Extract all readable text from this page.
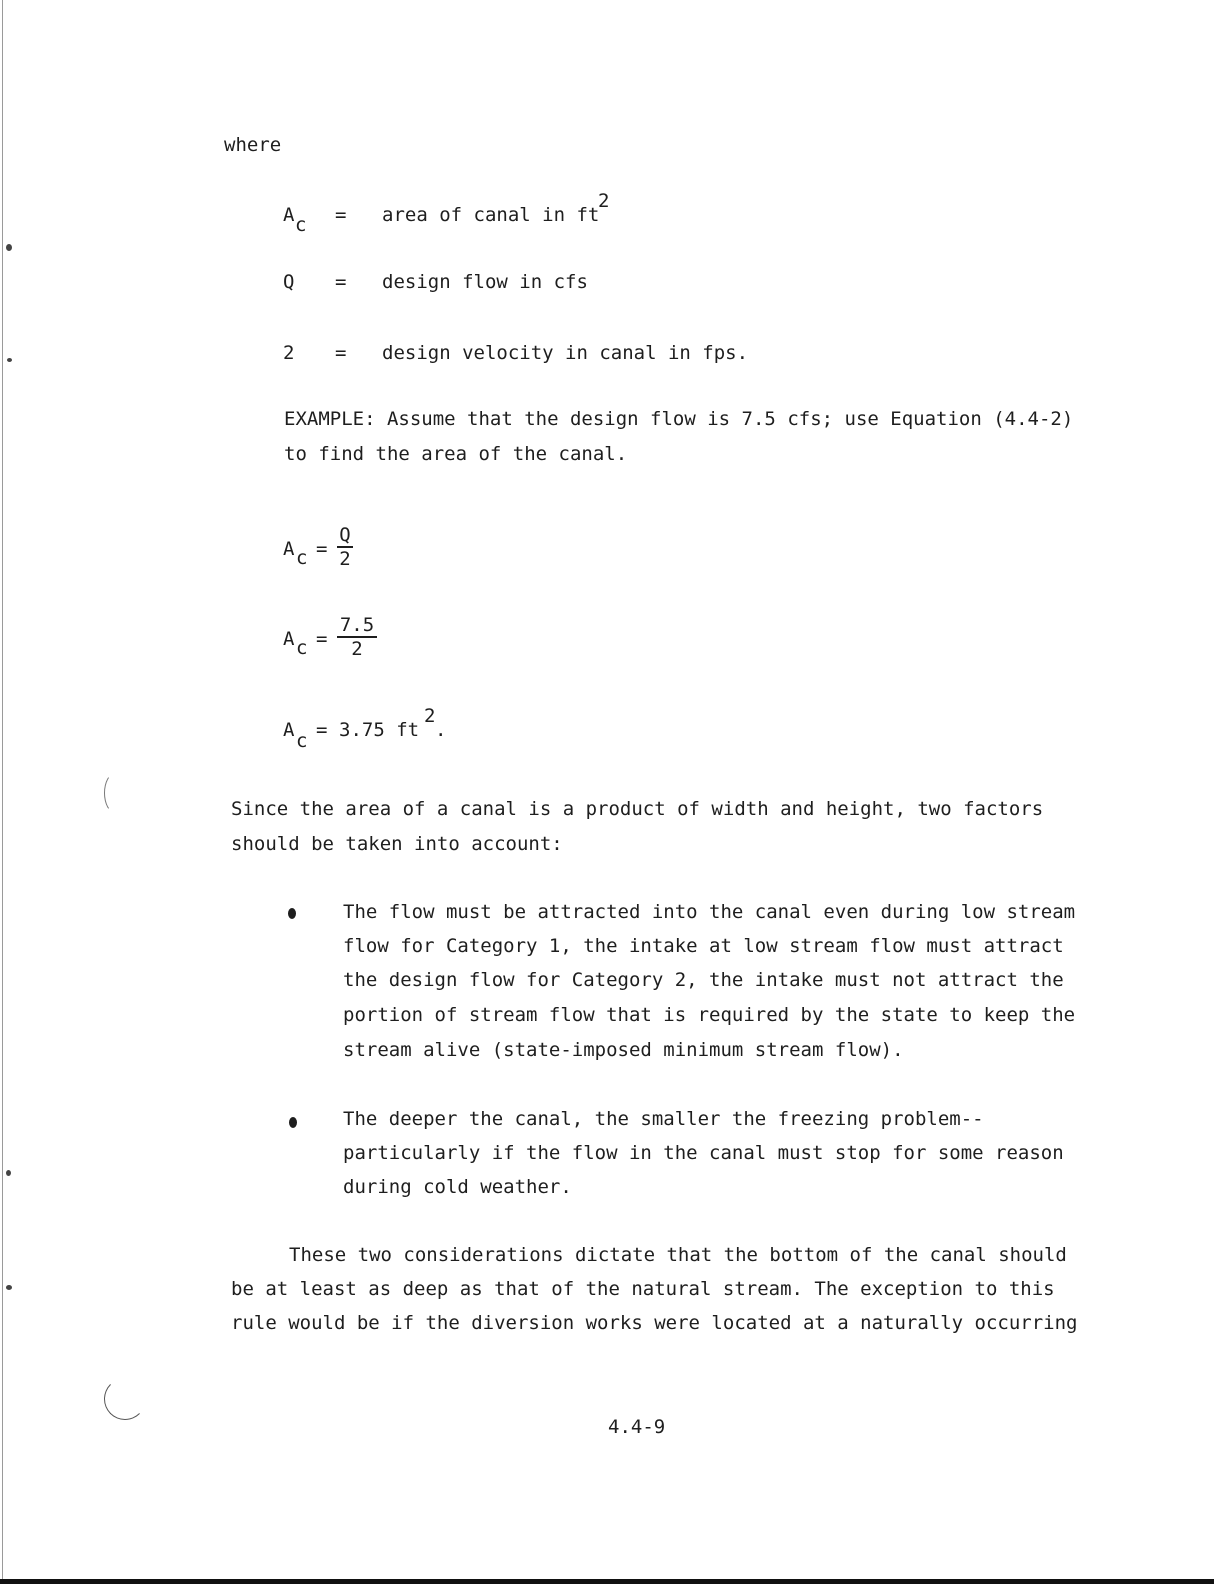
where
A c = area of canal in ft
2
Q = design flow in cfs
2 = design velocity in canal in fps.
EXAMPLE: Assume that the design flow is 7.5 cfs; use Equation (4.4-2)
to find the area of the canal.
A c =
Q
2
A c =
7.5
2
A c = 3.75 ft
2
.
Since the area of a canal is a product of width and height, two factors
should be taken into account:
The flow must be attracted into the canal even during low stream
flow for Category 1, the intake at low stream flow must attract
the design flow for Category 2, the intake must not attract the
portion of stream flow that is required by the state to keep the
stream alive (state-imposed minimum stream flow).
The deeper the canal, the smaller the freezing problem--
particularly if the flow in the canal must stop for some reason
during cold weather.
These two considerations dictate that the bottom of the canal should
be at least as deep as that of the natural stream. The exception to this
rule would be if the diversion works were located at a naturally occurring
4.4-9
